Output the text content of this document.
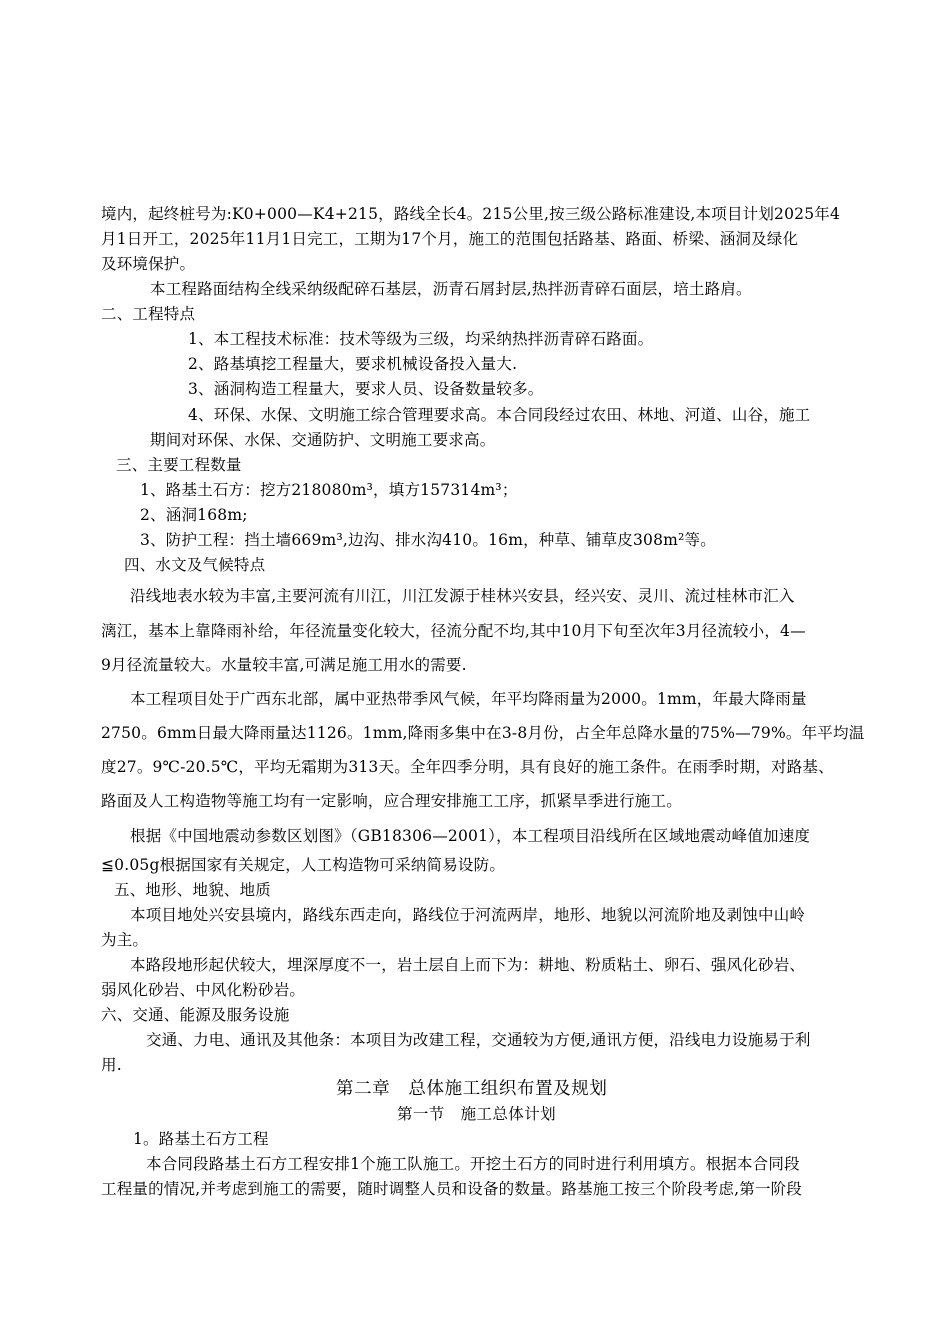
境内，起终桩号为:K0+000—K4+215，路线全长4。215公里,按三级公路标准建设,本项目计划2025年4
月1日开工，2025年11月1日完工，工期为17个月，施工的范围包括路基、路面、桥梁、涵洞及绿化
及环境保护。
本工程路面结构全线采纳级配碎石基层，沥青石屑封层,热拌沥青碎石面层，培土路肩。
二、工程特点
1、本工程技术标准：技术等级为三级，均采纳热拌沥青碎石路面。
2、路基填挖工程量大，要求机械设备投入量大.
3、涵洞构造工程量大，要求人员、设备数量较多。
4、环保、水保、文明施工综合管理要求高。本合同段经过农田、林地、河道、山谷，施工
期间对环保、水保、交通防护、文明施工要求高。
三、主要工程数量
1、路基土石方：挖方218080m³，填方157314m³；
2、涵洞168m;
3、防护工程：挡土墙669m³,边沟、排水沟410。16m，种草、铺草皮308m²等。
四、水文及气候特点
沿线地表水较为丰富,主要河流有川江，川江发源于桂林兴安县，经兴安、灵川、流过桂林市汇入
漓江，基本上靠降雨补给，年径流量变化较大，径流分配不均,其中10月下旬至次年3月径流较小，4—
9月径流量较大。水量较丰富,可满足施工用水的需要.
本工程项目处于广西东北部，属中亚热带季风气候，年平均降雨量为2000。1mm，年最大降雨量
2750。6mm日最大降雨量达1126。1mm,降雨多集中在3-8月份，占全年总降水量的75%—79%。年平均温
度27。9℃-20.5℃，平均无霜期为313天。全年四季分明，具有良好的施工条件。在雨季时期，对路基、
路面及人工构造物等施工均有一定影响，应合理安排施工工序，抓紧旱季进行施工。
根据《中国地震动参数区划图》（GB18306—2001），本工程项目沿线所在区域地震动峰值加速度
≦0.05g根据国家有关规定，人工构造物可采纳简易设防。
五、地形、地貌、地质
本项目地处兴安县境内，路线东西走向，路线位于河流两岸，地形、地貌以河流阶地及剥蚀中山岭
为主。
本路段地形起伏较大，埋深厚度不一，岩土层自上而下为：耕地、粉质粘土、卵石、强风化砂岩、
弱风化砂岩、中风化粉砂岩。
六、交通、能源及服务设施
交通、力电、通讯及其他条：本项目为改建工程，交通较为方便,通讯方便，沿线电力设施易于利
用.
第二章　总体施工组织布置及规划
第一节　施工总体计划
1。路基土石方工程
本合同段路基土石方工程安排1个施工队施工。开挖土石方的同时进行利用填方。根据本合同段
工程量的情况,并考虑到施工的需要，随时调整人员和设备的数量。路基施工按三个阶段考虑,第一阶段
